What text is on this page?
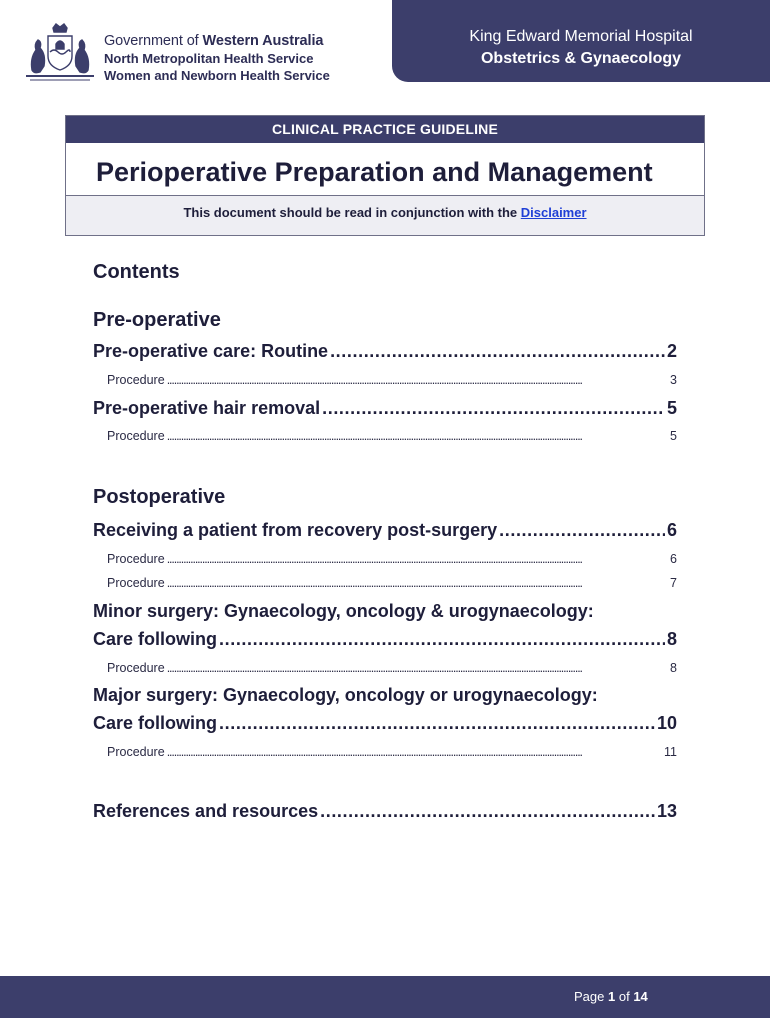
Government of Western Australia
North Metropolitan Health Service
Women and Newborn Health Service
King Edward Memorial Hospital
Obstetrics & Gynaecology
CLINICAL PRACTICE GUIDELINE
Perioperative Preparation and Management
This document should be read in conjunction with the Disclaimer
Contents
Pre-operative
Pre-operative care: Routine . . .	2
Procedure . . .	3
Pre-operative hair removal . . .	5
Procedure . . .	5
Postoperative
Receiving a patient from recovery post-surgery . . .	6
Procedure . . .	6
Procedure . . .	7
Minor surgery: Gynaecology, oncology & urogynaecology:
Care following . . .	8
Procedure . . .	8
Major surgery: Gynaecology, oncology or urogynaecology:
Care following . . .	10
Procedure . . .	11
References and resources . . .	13
Page 1 of 14
